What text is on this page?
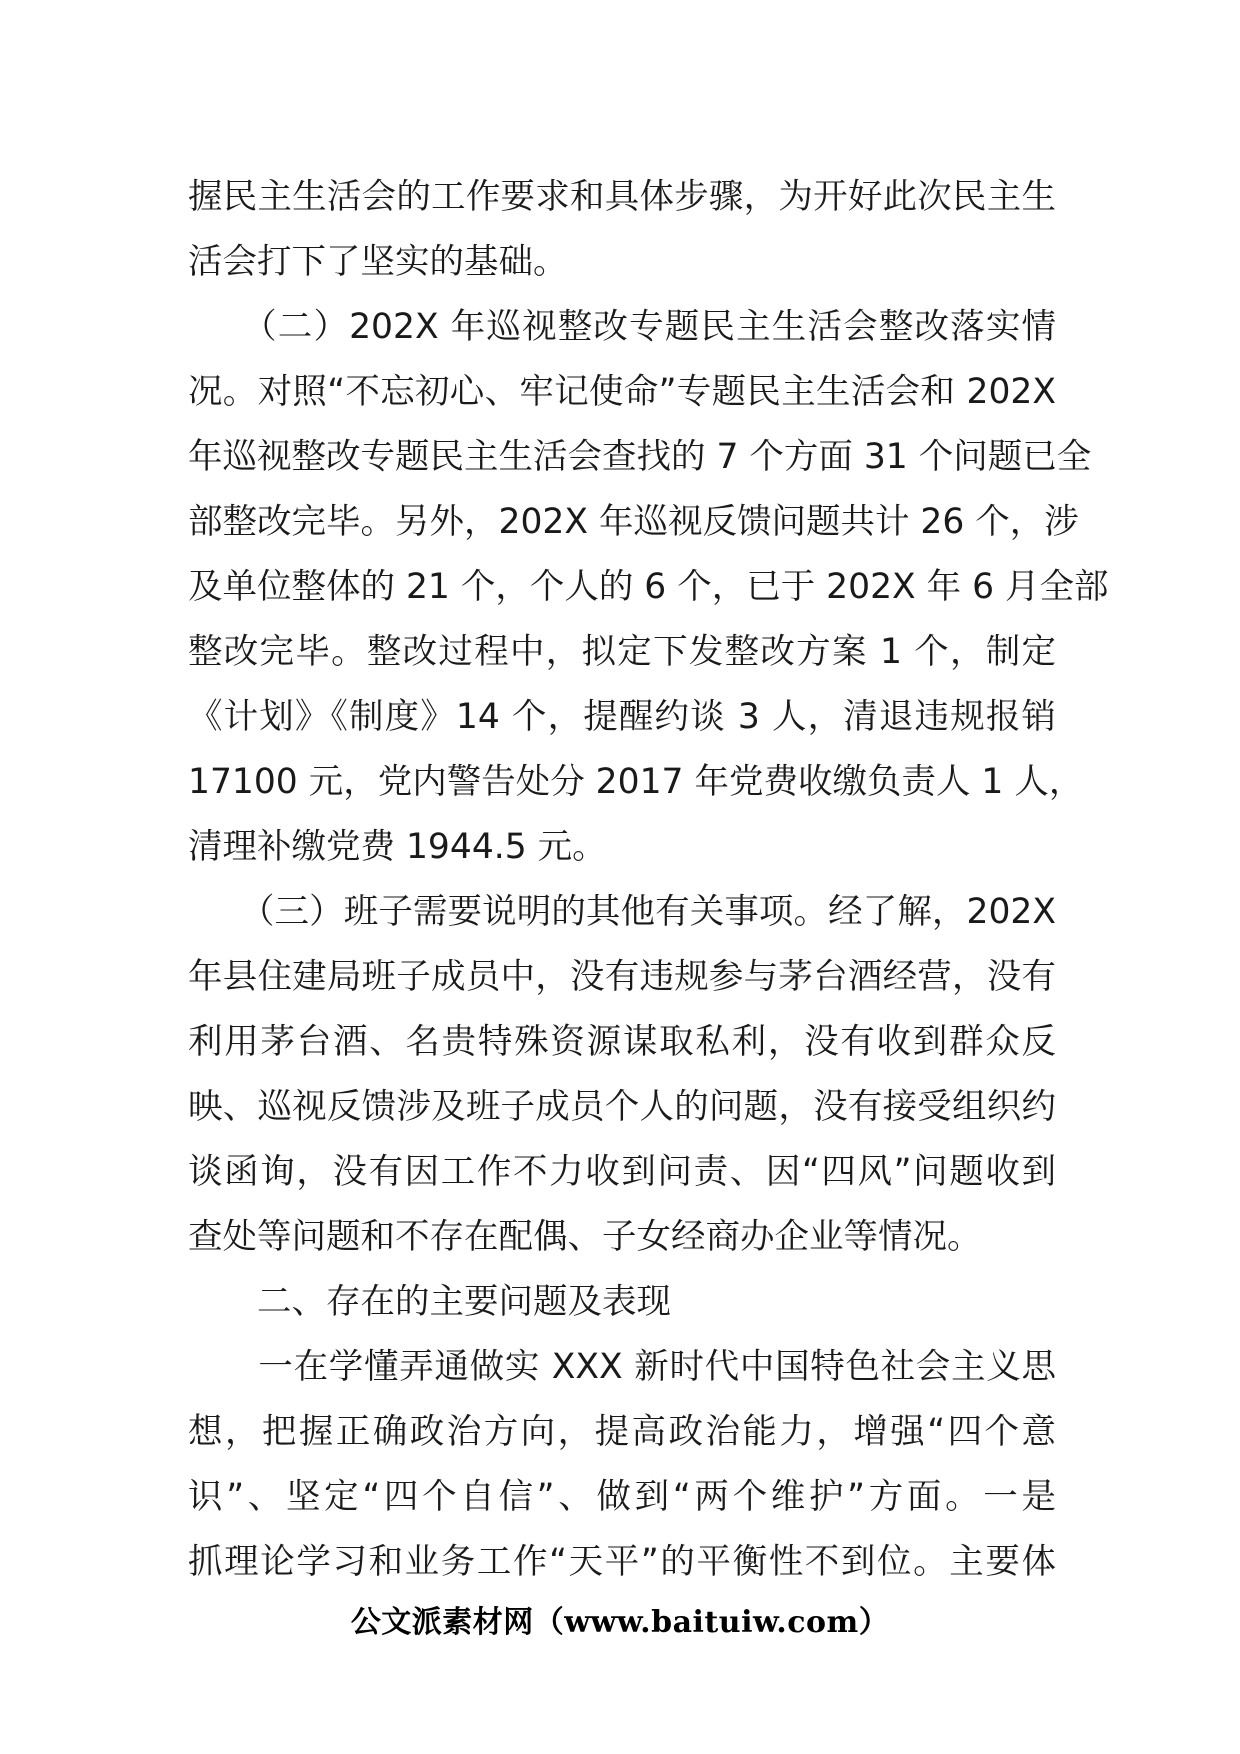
握民主生活会的工作要求和具体步骤，为开好此次民主生
活会打下了坚实的基础。
　　（二）202X 年巡视整改专题民主生活会整改落实情
况。对照“不忘初心、牢记使命”专题民主生活会和 202X
年巡视整改专题民主生活会查找的 7 个方面 31 个问题已全
部整改完毕。另外，202X 年巡视反馈问题共计 26 个，涉
及单位整体的 21 个，个人的 6 个，已于 202X 年 6 月全部
整改完毕。整改过程中，拟定下发整改方案 1 个，制定
《计划》《制度》14 个，提醒约谈 3 人，清退违规报销
17100 元，党内警告处分 2017 年党费收缴负责人 1 人，
清理补缴党费 1944.5 元。
　　（三）班子需要说明的其他有关事项。经了解，202X
年县住建局班子成员中，没有违规参与茅台酒经营，没有
利用茅台酒、名贵特殊资源谋取私利，没有收到群众反
映、巡视反馈涉及班子成员个人的问题，没有接受组织约
谈函询，没有因工作不力收到问责、因“四风”问题收到
查处等问题和不存在配偶、子女经商办企业等情况。
　　二、存在的主要问题及表现
　　一在学懂弄通做实 XXX 新时代中国特色社会主义思
想，把握正确政治方向，提高政治能力，增强“四个意
识”、坚定“四个自信”、做到“两个维护”方面。一是
抓理论学习和业务工作“天平”的平衡性不到位。主要体
公文派素材网（www.baituiw.com）
